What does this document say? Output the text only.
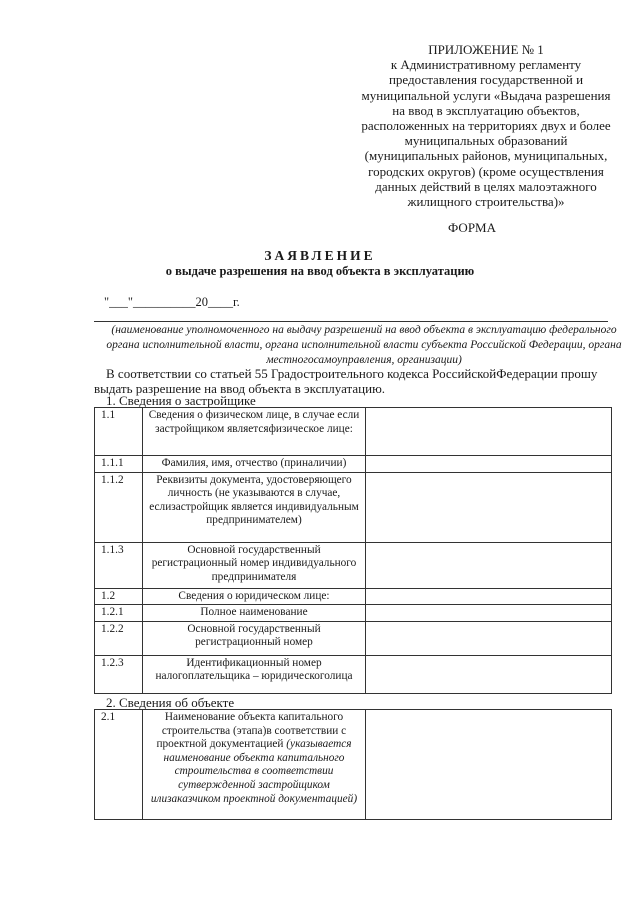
ПРИЛОЖЕНИЕ № 1
к Административному регламенту
предоставления государственной и
муниципальной услуги «Выдача разрешения
на ввод в эксплуатацию объектов,
расположенных на территориях двух и более
муниципальных образований
(муниципальных районов, муниципальных,
городских округов) (кроме осуществления
данных действий в целях малоэтажного
жилищного строительства)»
ФОРМА
ЗАЯВЛЕНИЕ
о выдаче разрешения на ввод объекта в эксплуатацию
"___"__________20____г.
(наименование уполномоченного на выдачу разрешений на ввод объекта в эксплуатацию федерального органа исполнительной власти, органа исполнительной власти субъекта Российской Федерации, органа местногосамоуправления, организации)
В соответствии со статьей 55 Градостроительного кодекса РоссийскойФедерации прошу выдать разрешение на ввод объекта в эксплуатацию.
1. Сведения о застройщике
1.1	Сведения о физическом лице, в случае если застройщиком являетсяфизическое лице:	
1.1.1	Фамилия, имя, отчество (приналичии)	
1.1.2	Реквизиты документа, удостоверяющего личность (не указываются в случае, еслизастройщик является индивидуальным предпринимателем)	
1.1.3	Основной государственный регистрационный номер индивидуального предпринимателя	
1.2	Сведения о юридическом лице:	
1.2.1	Полное наименование	
1.2.2	Основной государственный регистрационный номер	
1.2.3	Идентификационный номер налогоплательщика – юридическоголица	
2. Сведения об объекте
2.1	Наименование объекта капитального строительства (этапа)в соответствии с проектной документацией (указывается наименование объекта капитального строительства в соответствии сутвержденной застройщиком илизаказчиком проектной документацией)	
